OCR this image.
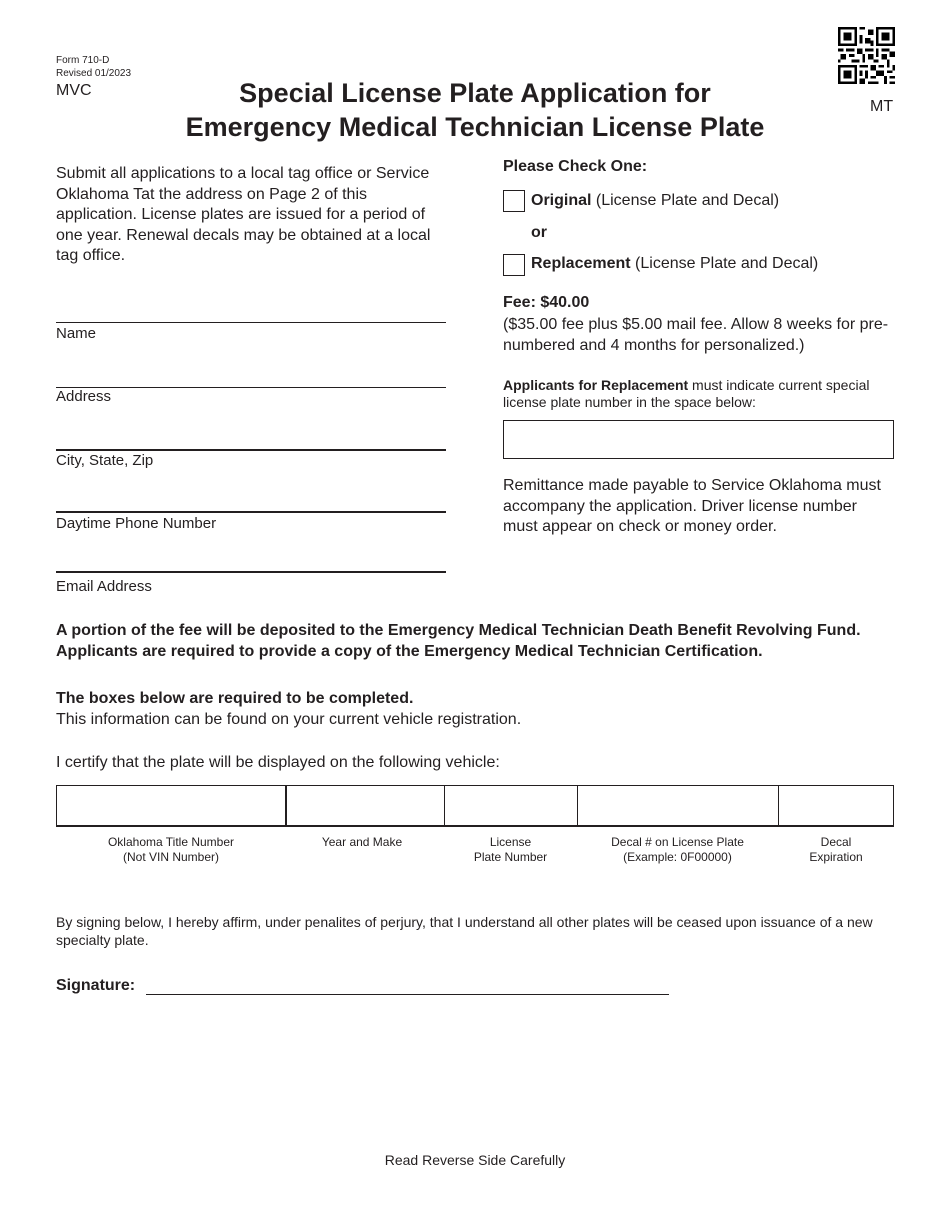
Form 710-D
Revised 01/2023
MVC	Special License Plate Application for
Emergency Medical Technician License Plate
MT
Submit all applications to a local tag office or Service Oklahoma Tat the address on Page 2 of this application. License plates are issued for a period of one year. Renewal decals may be obtained at a local tag office.
Name
Address
City, State, Zip
Daytime Phone Number
Email Address
Please Check One:
Original (License Plate and Decal)
or
Replacement (License Plate and Decal)
Fee: $40.00
($35.00 fee plus $5.00 mail fee. Allow 8 weeks for pre-numbered and 4 months for personalized.)
Applicants for Replacement must indicate current special license plate number in the space below:
Remittance made payable to Service Oklahoma must accompany the application. Driver license number must appear on check or money order.
A portion of the fee will be deposited to the Emergency Medical Technician Death Benefit Revolving Fund. Applicants are required to provide a copy of the Emergency Medical Technician Certification.
The boxes below are required to be completed.
This information can be found on your current vehicle registration.
I certify that the plate will be displayed on the following vehicle:
Oklahoma Title Number
(Not VIN Number)
Year and Make	License
Plate Number
Decal # on License Plate
(Example: 0F00000)
Decal
Expiration
By signing below, I hereby affirm, under penalites of perjury, that I understand all other plates will be ceased upon issuance of a new specialty plate.
Signature:
Read Reverse Side Carefully
